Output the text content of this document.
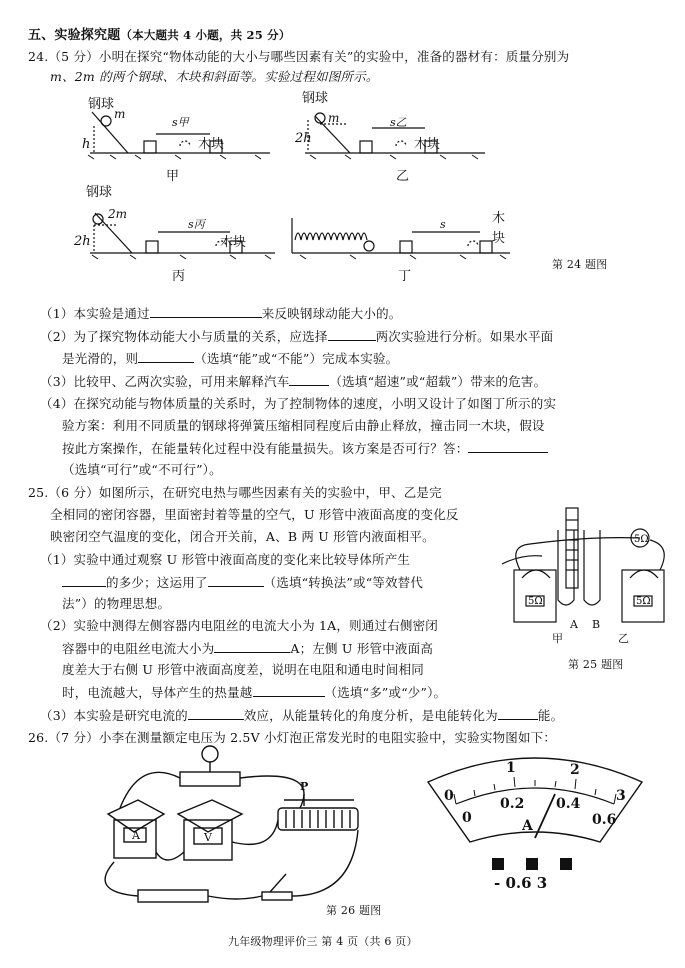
五、实验探究题（本大题共 4 小题，共 25 分）
24.（5 分）小明在探究“物体动能的大小与哪些因素有关”的实验中，准备的器材有：质量分别为
m、2m 的两个钢球、木块和斜面等。实验过程如图所示。
钢球
m
h
s甲
木块
甲
钢球
m
2h
s乙
木块
乙
钢球
2m
2h
s丙
木块
丙
s	木
块
丁
第 24 题图
（1）本实验是通过	来反映钢球动能大小的。
（2）为了探究物体动能大小与质量的关系，应选择	两次实验进行分析。如果水平面
是光滑的，则	（选填“能”或“不能”）完成本实验。
（3）比较甲、乙两次实验，可用来解释汽车	（选填“超速”或“超载”）带来的危害。
（4）在探究动能与物体质量的关系时，为了控制物体的速度，小明又设计了如图丁所示的实
验方案：利用不同质量的钢球将弹簧压缩相同程度后由静止释放，撞击同一木块，假设
按此方案操作，在能量转化过程中没有能量损失。该方案是否可行？答：
（选填“可行”或“不可行”）。
25.（6 分）如图所示，在研究电热与哪些因素有关的实验中，甲、乙是完
全相同的密闭容器，里面密封着等量的空气，U 形管中液面高度的变化反
映密闭空气温度的变化，闭合开关前，A、B 两 U 形管内液面相平。
（1）实验中通过观察 U 形管中液面高度的变化来比较导体所产生
的多少；这运用了	（选填“转换法”或“等效替代
法”）的物理思想。
（2）实验中测得左侧容器内电阻丝的电流大小为 1A，则通过右侧密闭
容器中的电阻丝电流大小为	A；左侧 U 形管中液面高
度差大于右侧 U 形管中液面高度差，说明在电阻和通电时间相同
时，电流越大，导体产生的热量越	（选填“多”或“少”）。
（3）本实验是研究电流的	效应，从能量转化的角度分析，是电能转化为	能。
5Ω	5Ω
5Ω
A B
甲	乙
第 25 题图
26.（7 分）小李在测量额定电压为 2.5V 小灯泡正常发光时的电阻实验中，实验实物图如下：
A	V
P
0
1	2
3
0
0.2 0.4
0.6
A
- 0.6 3
第 26 题图
九年级物理评价三 第 4 页（共 6 页）
